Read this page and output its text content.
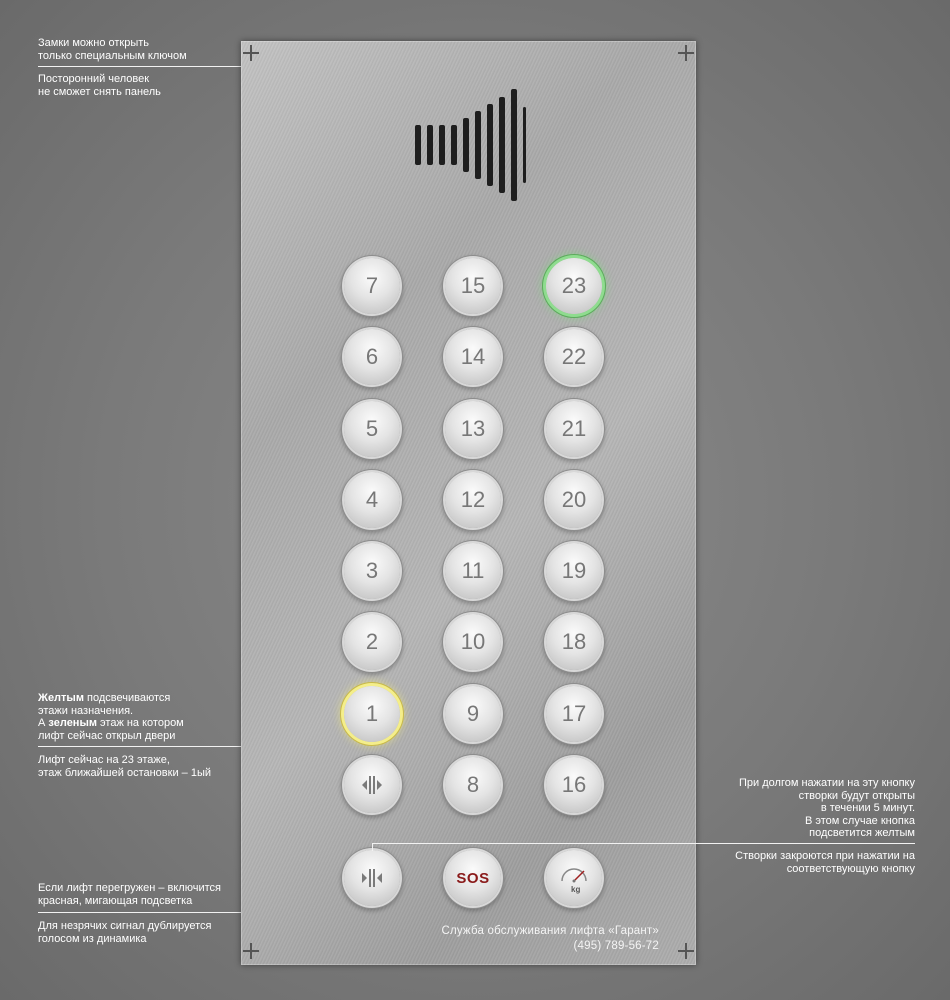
Замки можно открыть
только специальным ключом
Посторонний человек
не сможет снять панель
Желтым подсвечиваются
этажи назначения.
А зеленым этаж на котором
лифт сейчас открыл двери
Лифт сейчас на 23 этаже,
этаж ближайшей остановки – 1ый
Если лифт перегружен – включится
красная, мигающая подсветка
Для незрячих сигнал дублируется
голосом из динамика
7	15	23
6	14	22
5	13	21
4	12	20
3	11	19
2	10	18
1	9	17
8	16
SOS
kg
Служба обслуживания лифта «Гарант»
(495) 789-56-72
При долгом нажатии на эту кнопку
створки будут открыты
в течении 5 минут.
В этом случае кнопка
подсветится желтым
Створки закроются при нажатии на
соответствующую кнопку
